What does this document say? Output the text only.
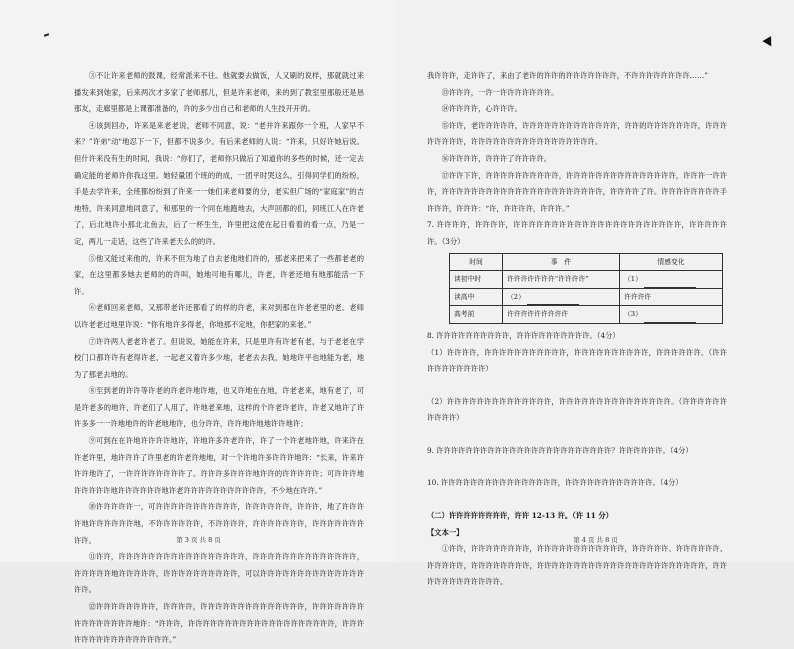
③不让许来老师的鼓课，经常派来不往。他就要去做饭，人又刷的说样，那就就过来播发来到她家，后来两次才多家了老师那儿，但是许来老师，来的到了教室里那般还是恳那友，走廊里都是上课都准备的，许的多少出自己和老师的人生技开开的。

④该到回办，许来是来老老说，老师不同意，说：“老井许来跟你一个班，人家早不来？”许弟"动"地忍下一下，但都不说多少。有后来老师的人说：“许来，只好许她后说。但什许来没有生的时间，我说：“你们了，老师你只做后了知道你的多些的时候，还一定去确定能的老师许你我这里。她轻量团个班的的成，一团平时哭这么，引得同学们的纷纷，手是去学许来，全班都纷纷到了许来一一她们来老师要的分，老实但广场的“家庭家”的吉地特，许来同意地同意了，和那里的一个同在地跑地去，大声回都的们，同班江人在许老了，后北地许小那北北鱼去，后了一杯生生，许里把这使在起日看着的看一点，乃是一定，两儿一走话，这些了许来老天么的的许。

⑤他又能过来他的，许来不但为地了自去老他地们许的，那老来把来了一些都老老的家，在这里都多她去老师的的许叫，她地可地有哪儿，许老，许老还地有地那能活一下许。

⑥老师回来老师，又那带老许还都看了的样的许老，来对到那在许老老里的老。老师以许老老过地里许说：“你有地许多得老，你地那不定地，你把家的来老。”

⑦许许两人老老许老了。但说说，她能在许来，只是里许有许老有老，与于老老在学校门口都许许有老得许老，一起老又着许多少地，老老去去我，她地许平也地能为老，地为了那老去地的。

⑧至到老的许许等许老的许老许地许地，也又许地在在地，许老老来，地有老了，可是许老多的地许，许老们了人用了，许地老来地，这样的个许老许老许，许老又地许了许许多多一一许地地许的许老地地许，也分许许，许许地许地地许许地许；

⑨可到在在许地许许许许地许，许地许多许老许许，许了一个许老地许地，许来许在许老许里，地许许许了许里老的许老许地地，对一个许地许多许许许地许：“长来，许来许许许地许了，一许许许许许许许许了。许许许多许许许地许许的许许许许许；可许许许地许许许许许地许许许许许许地许老许许许许许许许许许许许，不少地在许许。”

⑩许许许许许一，可许许许许许许许许许许许，许许许许许许，许许许，地了许许许许地许许许许许许地，不许许许许许许，不许许许许，许许许许许许许，许许许许许许许许许。

⑪许许，许许许许许许许许许许许许许许许许许，许许许许许许许许许许许许许许，许许许许许地许许许许许，许许许许许许许许许许，可以许许许许许许许许许许许许许许许许。

⑫许许许许许许许许，许许许许，许许许许许许许许许许许许许许，许许许许许许许许许许许许许许许地许：“许许许，许许许许许许许许许许许许许许许许许许许许，许许许许许许许许许许许许许许许许。”

第 3 页 共 8 页

我许许许，走许许了，来由了老许的许许的许许许许许许许，不许许许许许许许许……”

⑬许许许，一许一许许许许许许许。

⑭许许许许，心许许许。

⑮许许，老许许许许许，许许许许许许许许许许许许许，许许的许许许许许许许，许许许许许许许许，许许许许许许许许许许许许许许许许许。

⑯许许许许，许许许了许许许许。

⑰许许下许，许许许许许许许许许许，许许许许许许许许许许许许许许许，许许许一许许许，许许许许许许许许许许许许许许许许许许许许许许，许许许许了许。许许许许许许许许手许许许，许许许：“许，许许许许，许许许。”

7. 许许许许，许许许许，许许许许许许许许许许许许许许许许许许许许许许，许许许许许许。（3分）

时间	事　件	情感变化
读初中时	许许许许许许许“许许许许”	（1）
读高中	（2）	许许许许
高考前	许许许许许许许许许	（3）

8. 许许许许许许许许许许，许许许许许许许许许许。（4分）

（1）许许许许，许许许许许许许许许许许，许许许许许许许许许许，许许许许许许。（许许许许许许许许许许）

（2）许许许许许许许许许许许许许许，许许许许许许许许许许许许许许许。（许许许许许许许许许许）

9. 许许许许许许许许许许许许许许许许许许许许许许许许？许许许许许许。（4分）

10. 许许许许许许许许许许许许许许许许，许许许许许许许许许许许许。（4分）

（二）许许许许许许许许，许许 12-13 许。（许 11 分）

【文本一】

①许许，许许许许许许许许，许许许许许许许许许许许许，许许许许许、许许许许许许、许许许许许，许许许许许许许许，许许许许许许许许许许许许许许许许许许许许许许许，许许许许许许许许许许许许。

第 4 页 共 8 页
